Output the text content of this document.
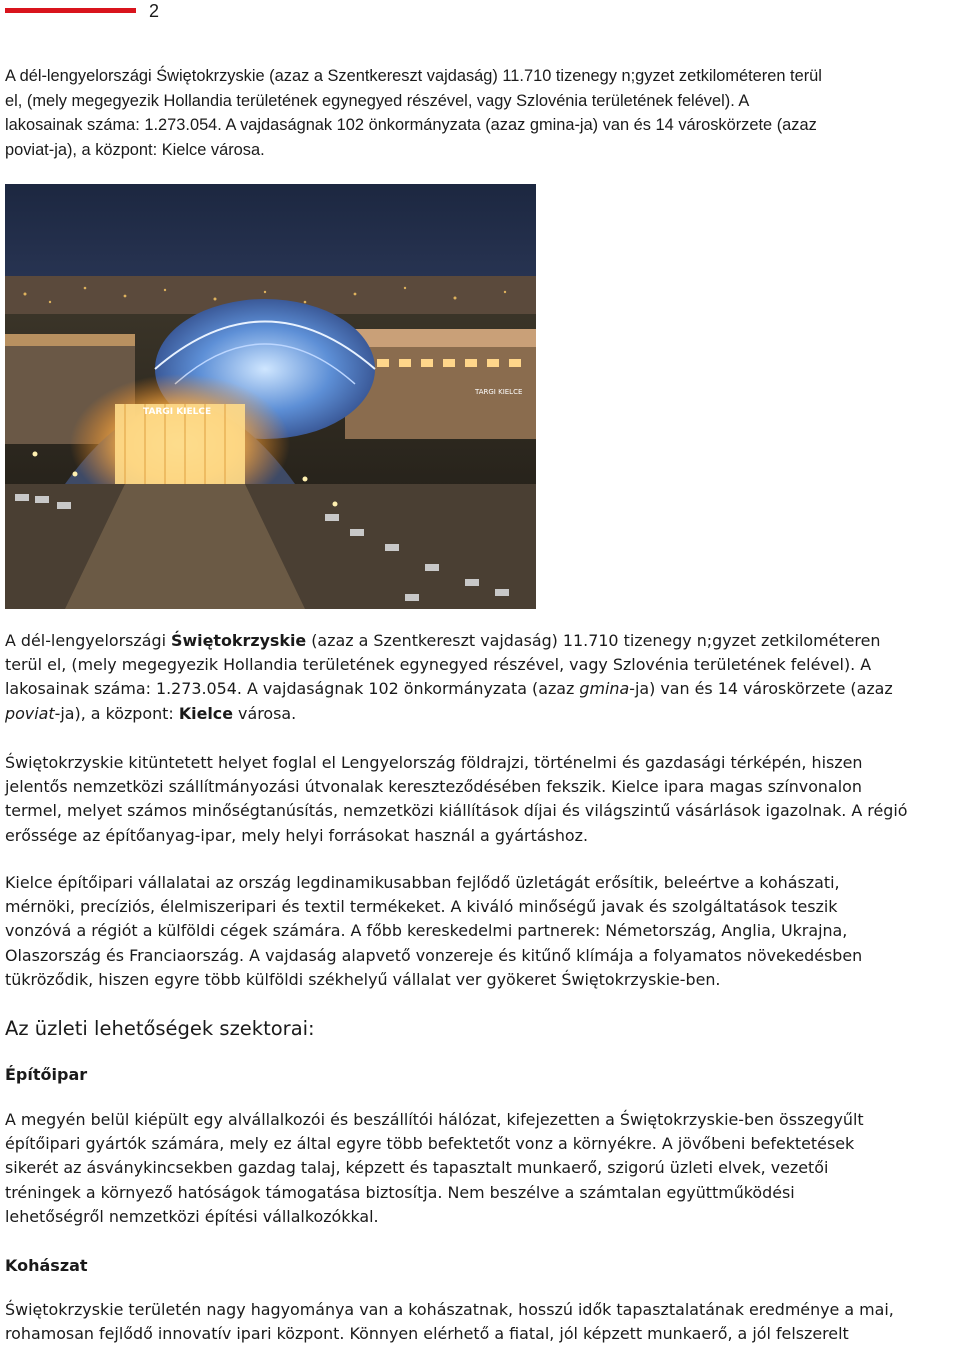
2

A dél-lengyelországi Świętokrzyskie (azaz a Szentkereszt vajdaság) 11.710 tizenegy n;gyzet zetkilométeren terül
el, (mely megegyezik Hollandia területének egynegyed részével, vagy Szlovénia területének felével). A
lakosainak száma: 1.273.054. A vajdaságnak 102 önkormányzata (azaz gmina-ja) van és 14 városkörzete (azaz
poviat-ja), a központ: Kielce városa.

TARGI KIELCE
TARGI KIELCE

A dél-lengyelországi Świętokrzyskie (azaz a Szentkereszt vajdaság) 11.710 tizenegy n;gyzet zetkilométeren
terül el, (mely megegyezik Hollandia területének egynegyed részével, vagy Szlovénia területének felével). A
lakosainak száma: 1.273.054. A vajdaságnak 102 önkormányzata (azaz gmina-ja) van és 14 városkörzete (azaz
poviat-ja), a központ: Kielce városa.

Świętokrzyskie kitüntetett helyet foglal el Lengyelország földrajzi, történelmi és gazdasági térképén, hiszen
jelentős nemzetközi szállítmányozási útvonalak kereszteződésében fekszik. Kielce ipara magas színvonalon
termel, melyet számos minőségtanúsítás, nemzetközi kiállítások díjai és világszintű vásárlások igazolnak. A régió
erőssége az építőanyag-ipar, mely helyi forrásokat használ a gyártáshoz.

Kielce építőipari vállalatai az ország legdinamikusabban fejlődő üzletágát erősítik, beleértve a kohászati,
mérnöki, precíziós, élelmiszeripari és textil termékeket. A kiváló minőségű javak és szolgáltatások teszik
vonzóvá a régiót a külföldi cégek számára. A főbb kereskedelmi partnerek: Németország, Anglia, Ukrajna,
Olaszország és Franciaország. A vajdaság alapvető vonzereje és kitűnő klímája a folyamatos növekedésben
tükröződik, hiszen egyre több külföldi székhelyű vállalat ver gyökeret Świętokrzyskie-ben.

Az üzleti lehetőségek szektorai:
Építőipar

A megyén belül kiépült egy alvállalkozói és beszállítói hálózat, kifejezetten a Świętokrzyskie-ben összegyűlt
építőipari gyártók számára, mely ez által egyre több befektetőt vonz a környékre. A jövőbeni befektetések
sikerét az ásványkincsekben gazdag talaj, képzett és tapasztalt munkaerő, szigorú üzleti elvek, vezetői
tréningek a környező hatóságok támogatása biztosítja. Nem beszélve a számtalan együttműködési
lehetőségről nemzetközi építési vállalkozókkal.

Kohászat

Świętokrzyskie területén nagy hagyománya van a kohászatnak, hosszú idők tapasztalatának eredménye a mai,
rohamosan fejlődő innovatív ipari központ. Könnyen elérhető a fiatal, jól képzett munkaerő, a jól felszerelt
